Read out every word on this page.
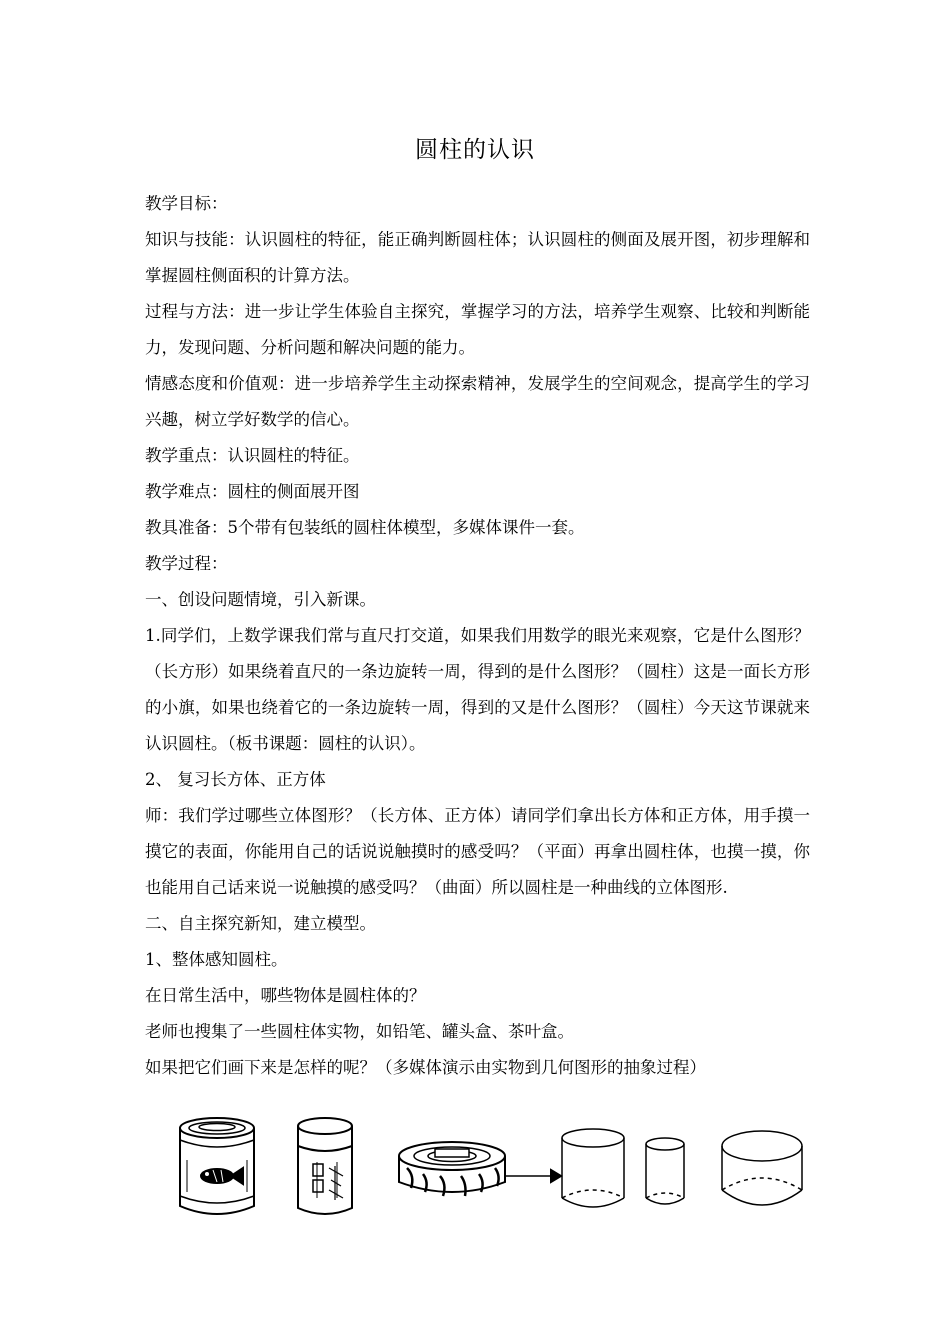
圆柱的认识

教学目标：

知识与技能：认识圆柱的特征，能正确判断圆柱体；认识圆柱的侧面及展开图，初步理解和掌握圆柱侧面积的计算方法。

过程与方法：进一步让学生体验自主探究，掌握学习的方法，培养学生观察、比较和判断能力，发现问题、分析问题和解决问题的能力。

情感态度和价值观：进一步培养学生主动探索精神，发展学生的空间观念，提高学生的学习兴趣，树立学好数学的信心。

教学重点：认识圆柱的特征。

教学难点：圆柱的侧面展开图

教具准备：5个带有包装纸的圆柱体模型，多媒体课件一套。

教学过程：

一、创设问题情境，引入新课。

1.同学们，上数学课我们常与直尺打交道，如果我们用数学的眼光来观察，它是什么图形？（长方形）如果绕着直尺的一条边旋转一周，得到的是什么图形？（圆柱）这是一面长方形的小旗，如果也绕着它的一条边旋转一周，得到的又是什么图形？（圆柱）今天这节课就来认识圆柱。（板书课题：圆柱的认识）。

2、 复习长方体、正方体

师：我们学过哪些立体图形？（长方体、正方体）请同学们拿出长方体和正方体，用手摸一摸它的表面，你能用自己的话说说触摸时的感受吗？（平面）再拿出圆柱体，也摸一摸，你也能用自己话来说一说触摸的感受吗？（曲面）所以圆柱是一种曲线的立体图形.

二、自主探究新知，建立模型。

1、整体感知圆柱。

在日常生活中，哪些物体是圆柱体的？

老师也搜集了一些圆柱体实物，如铅笔、罐头盒、茶叶盒。

如果把它们画下来是怎样的呢？（多媒体演示由实物到几何图形的抽象过程）
